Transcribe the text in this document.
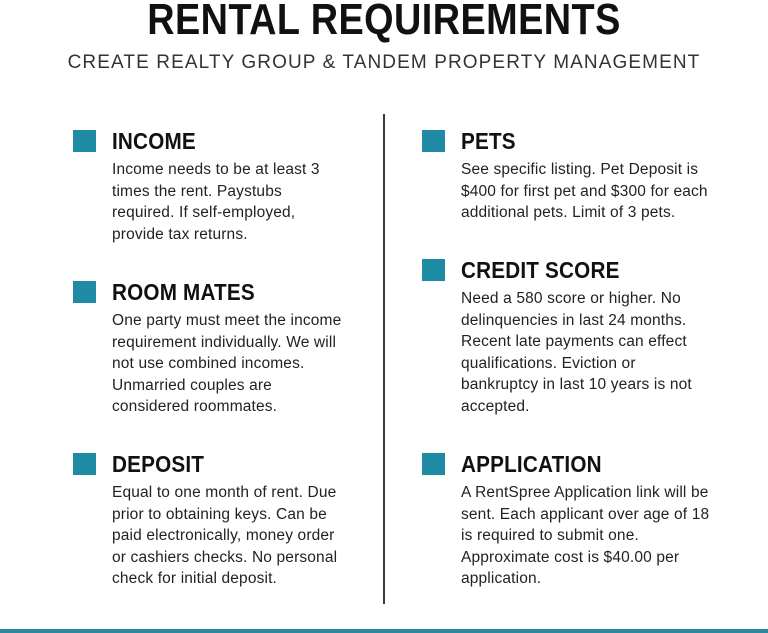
RENTAL REQUIREMENTS
CREATE REALTY GROUP & TANDEM PROPERTY MANAGEMENT
INCOME
Income needs to be at least 3
times the rent. Paystubs
required. If self-employed,
provide tax returns.
ROOM MATES
One party must meet the income
requirement individually. We will
not use combined incomes.
Unmarried couples are
considered roommates.
DEPOSIT
Equal to one month of rent. Due
prior to obtaining keys. Can be
paid electronically, money order
or cashiers checks. No personal
check for initial deposit.
PETS
See specific listing. Pet Deposit is
$400 for first pet and $300 for each
additional pets. Limit of 3 pets.
CREDIT SCORE
Need a 580 score or higher. No
delinquencies in last 24 months.
Recent late payments can effect
qualifications. Eviction or
bankruptcy in last 10 years is not
accepted.
APPLICATION
A RentSpree Application link will be
sent. Each applicant over age of 18
is required to submit one.
Approximate cost is $40.00 per
application.
